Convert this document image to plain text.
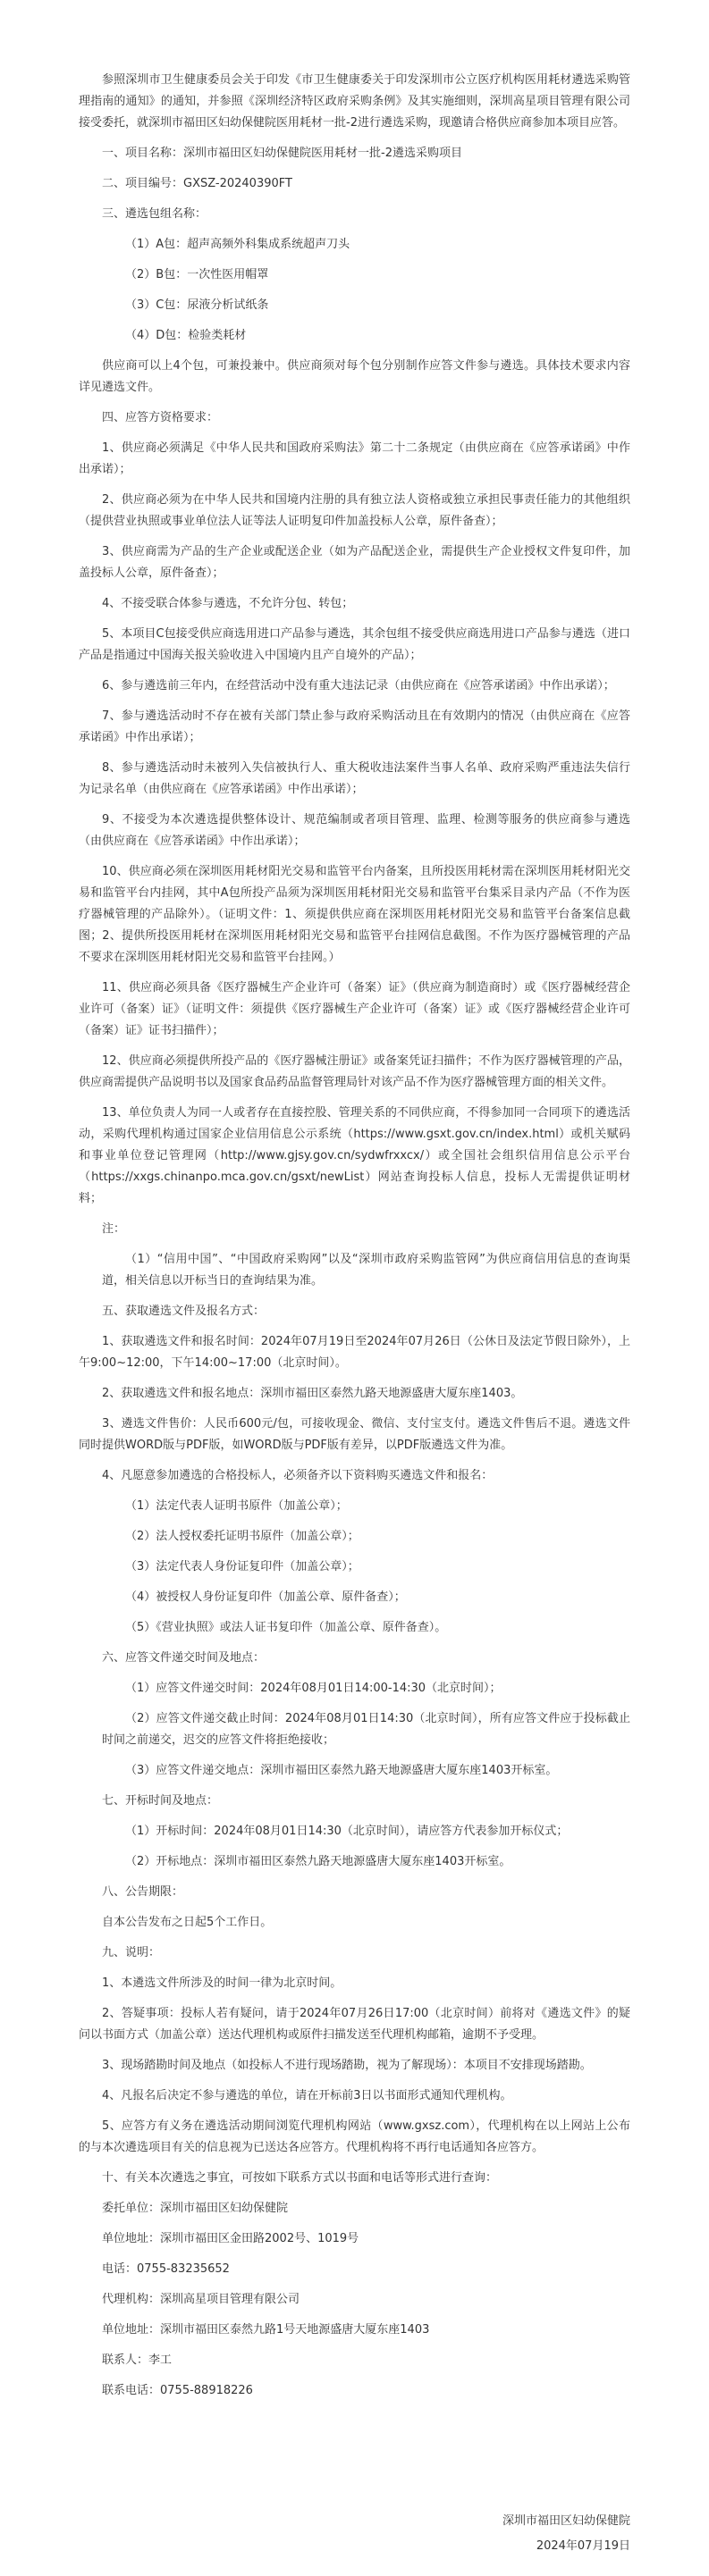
参照深圳市卫生健康委员会关于印发《市卫生健康委关于印发深圳市公立医疗机构医用耗材遴选采购管理指南的通知》的通知，并参照《深圳经济特区政府采购条例》及其实施细则，深圳高星项目管理有限公司接受委托，就深圳市福田区妇幼保健院医用耗材一批-2进行遴选采购，现邀请合格供应商参加本项目应答。

一、项目名称：深圳市福田区妇幼保健院医用耗材一批-2遴选采购项目

二、项目编号：GXSZ-20240390FT

三、遴选包组名称：

（1）A包：超声高频外科集成系统超声刀头

（2）B包：一次性医用帽罩

（3）C包：尿液分析试纸条

（4）D包：检验类耗材

供应商可以上4个包，可兼投兼中。供应商须对每个包分别制作应答文件参与遴选。具体技术要求内容详见遴选文件。

四、应答方资格要求：

1、供应商必须满足《中华人民共和国政府采购法》第二十二条规定（由供应商在《应答承诺函》中作出承诺）；

2、供应商必须为在中华人民共和国境内注册的具有独立法人资格或独立承担民事责任能力的其他组织（提供营业执照或事业单位法人证等法人证明复印件加盖投标人公章，原件备查）；

3、供应商需为产品的生产企业或配送企业（如为产品配送企业，需提供生产企业授权文件复印件，加盖投标人公章，原件备查）；

4、不接受联合体参与遴选，不允许分包、转包；

5、本项目C包接受供应商选用进口产品参与遴选，其余包组不接受供应商选用进口产品参与遴选（进口产品是指通过中国海关报关验收进入中国境内且产自境外的产品）；

6、参与遴选前三年内，在经营活动中没有重大违法记录（由供应商在《应答承诺函》中作出承诺）；

7、参与遴选活动时不存在被有关部门禁止参与政府采购活动且在有效期内的情况（由供应商在《应答承诺函》中作出承诺）；

8、参与遴选活动时未被列入失信被执行人、重大税收违法案件当事人名单、政府采购严重违法失信行为记录名单（由供应商在《应答承诺函》中作出承诺）；

9、不接受为本次遴选提供整体设计、规范编制或者项目管理、监理、检测等服务的供应商参与遴选（由供应商在《应答承诺函》中作出承诺）；

10、供应商必须在深圳医用耗材阳光交易和监管平台内备案，且所投医用耗材需在深圳医用耗材阳光交易和监管平台内挂网，其中A包所投产品须为深圳医用耗材阳光交易和监管平台集采目录内产品（不作为医疗器械管理的产品除外）。（证明文件：1、须提供供应商在深圳医用耗材阳光交易和监管平台备案信息截图；2、提供所投医用耗材在深圳医用耗材阳光交易和监管平台挂网信息截图。不作为医疗器械管理的产品不要求在深圳医用耗材阳光交易和监管平台挂网。）

11、供应商必须具备《医疗器械生产企业许可（备案）证》（供应商为制造商时）或《医疗器械经营企业许可（备案）证》（证明文件：须提供《医疗器械生产企业许可（备案）证》或《医疗器械经营企业许可（备案）证》证书扫描件）；

12、供应商必须提供所投产品的《医疗器械注册证》或备案凭证扫描件；不作为医疗器械管理的产品，供应商需提供产品说明书以及国家食品药品监督管理局针对该产品不作为医疗器械管理方面的相关文件。

13、单位负责人为同一人或者存在直接控股、管理关系的不同供应商，不得参加同一合同项下的遴选活动，采购代理机构通过国家企业信用信息公示系统（https://www.gsxt.gov.cn/index.html）或机关赋码和事业单位登记管理网（http://www.gjsy.gov.cn/sydwfrxxcx/）或全国社会组织信用信息公示平台（https://xxgs.chinanpo.mca.gov.cn/gsxt/newList）网站查询投标人信息，投标人无需提供证明材料；

注：

（1）“信用中国”、“中国政府采购网”以及“深圳市政府采购监管网”为供应商信用信息的查询渠道，相关信息以开标当日的查询结果为准。

五、获取遴选文件及报名方式：

1、获取遴选文件和报名时间：2024年07月19日至2024年07月26日（公休日及法定节假日除外），上午9:00~12:00，下午14:00~17:00（北京时间）。

2、获取遴选文件和报名地点：深圳市福田区泰然九路天地源盛唐大厦东座1403。

3、遴选文件售价：人民币600元/包，可接收现金、微信、支付宝支付。遴选文件售后不退。遴选文件同时提供WORD版与PDF版，如WORD版与PDF版有差异，以PDF版遴选文件为准。

4、凡愿意参加遴选的合格投标人，必须备齐以下资料购买遴选文件和报名：

（1）法定代表人证明书原件（加盖公章）；

（2）法人授权委托证明书原件（加盖公章）；

（3）法定代表人身份证复印件（加盖公章）；

（4）被授权人身份证复印件（加盖公章、原件备查）；

（5）《营业执照》或法人证书复印件（加盖公章、原件备查）。

六、应答文件递交时间及地点：

（1）应答文件递交时间：2024年08月01日14:00-14:30（北京时间）；

（2）应答文件递交截止时间：2024年08月01日14:30（北京时间），所有应答文件应于投标截止时间之前递交，迟交的应答文件将拒绝接收；

（3）应答文件递交地点：深圳市福田区泰然九路天地源盛唐大厦东座1403开标室。

七、开标时间及地点：

（1）开标时间：2024年08月01日14:30（北京时间），请应答方代表参加开标仪式；

（2）开标地点：深圳市福田区泰然九路天地源盛唐大厦东座1403开标室。

八、公告期限：

自本公告发布之日起5个工作日。

九、说明：

1、本遴选文件所涉及的时间一律为北京时间。

2、答疑事项：投标人若有疑问，请于2024年07月26日17:00（北京时间）前将对《遴选文件》的疑问以书面方式（加盖公章）送达代理机构或原件扫描发送至代理机构邮箱，逾期不予受理。

3、现场踏勘时间及地点（如投标人不进行现场踏勘，视为了解现场）：本项目不安排现场踏勘。

4、凡报名后决定不参与遴选的单位，请在开标前3日以书面形式通知代理机构。

5、应答方有义务在遴选活动期间浏览代理机构网站（www.gxsz.com），代理机构在以上网站上公布的与本次遴选项目有关的信息视为已送达各应答方。代理机构将不再行电话通知各应答方。

十、有关本次遴选之事宜，可按如下联系方式以书面和电话等形式进行查询：

委托单位：深圳市福田区妇幼保健院

单位地址：深圳市福田区金田路2002号、1019号

电话：0755-83235652

代理机构：深圳高星项目管理有限公司

单位地址：深圳市福田区泰然九路1号天地源盛唐大厦东座1403

联系人：李工

联系电话：0755-88918226

深圳市福田区妇幼保健院
2024年07月19日
